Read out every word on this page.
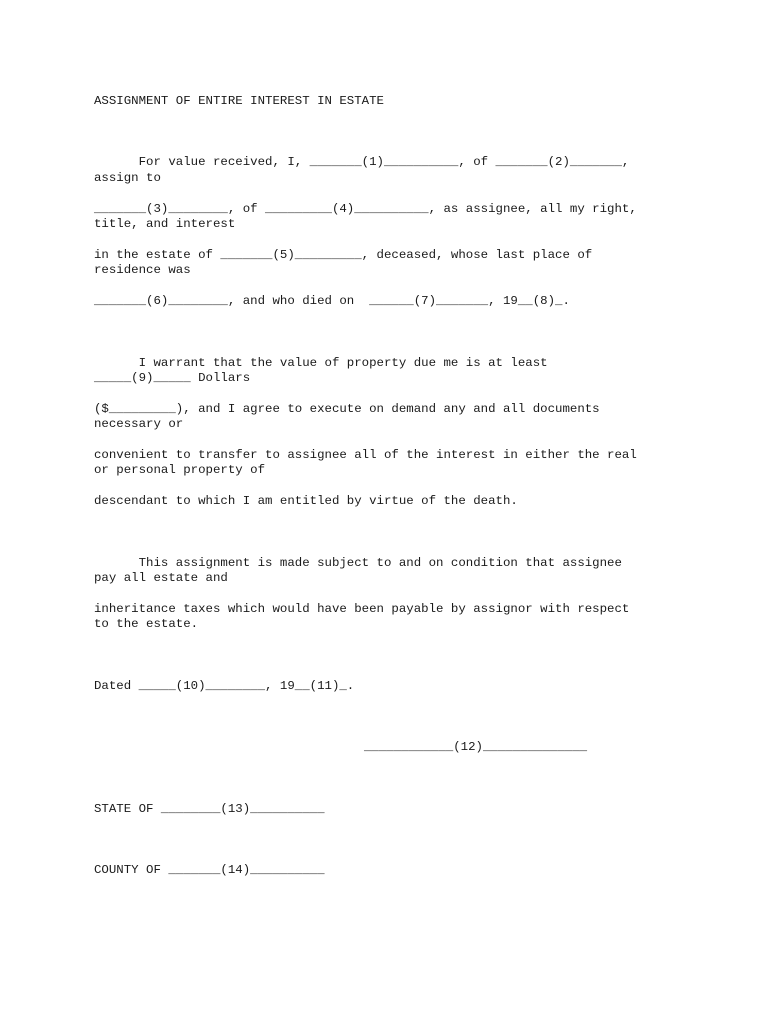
ASSIGNMENT OF ENTIRE INTEREST IN ESTATE
For value received, I, _______(1)__________, of _______(2)_______,
assign to
_______(3)________, of _________(4)__________, as assignee, all my right,
title, and interest
in the estate of _______(5)_________, deceased, whose last place of
residence was
_______(6)________, and who died on  ______(7)_______, 19__(8)_.
I warrant that the value of property due me is at least
_____(9)_____ Dollars
($_________), and I agree to execute on demand any and all documents
necessary or
convenient to transfer to assignee all of the interest in either the real
or personal property of
descendant to which I am entitled by virtue of the death.
This assignment is made subject to and on condition that assignee
pay all estate and
inheritance taxes which would have been payable by assignor with respect
to the estate.
Dated _____(10)________, 19__(11)_.
____________(12)______________
STATE OF ________(13)__________
COUNTY OF _______(14)__________
